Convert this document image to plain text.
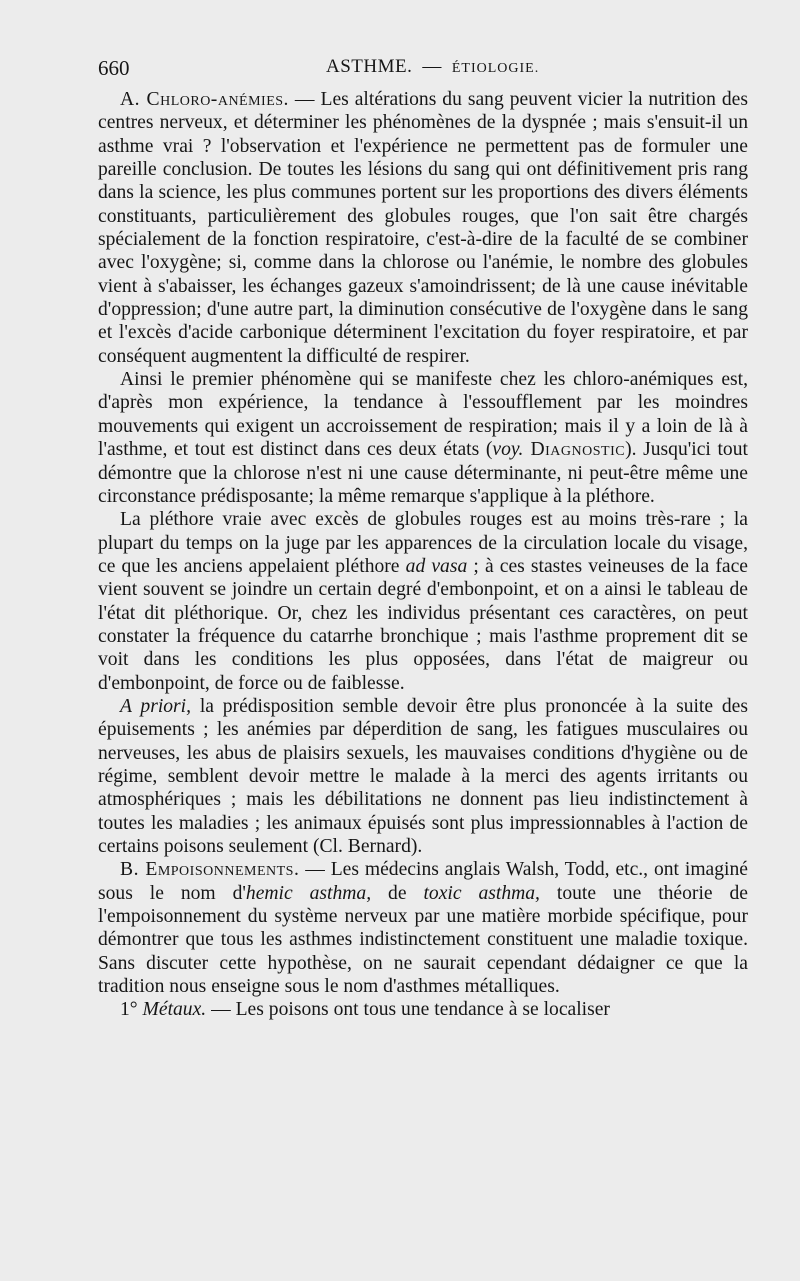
660	ASTHME. — ÉTIOLOGIE.

A. Chloro-anémies. — Les altérations du sang peuvent vicier la nutrition des centres nerveux, et déterminer les phénomènes de la dyspnée ; mais s'ensuit-il un asthme vrai ? l'observation et l'expérience ne permettent pas de formuler une pareille conclusion. De toutes les lésions du sang qui ont définitivement pris rang dans la science, les plus communes portent sur les proportions des divers éléments constituants, particulièrement des globules rouges, que l'on sait être chargés spécialement de la fonction respiratoire, c'est-à-dire de la faculté de se combiner avec l'oxygène; si, comme dans la chlorose ou l'anémie, le nombre des globules vient à s'abaisser, les échanges gazeux s'amoindrissent; de là une cause inévitable d'oppression; d'une autre part, la diminution consécutive de l'oxygène dans le sang et l'excès d'acide carbonique déterminent l'excitation du foyer respiratoire, et par conséquent augmentent la difficulté de respirer.

Ainsi le premier phénomène qui se manifeste chez les chloro-anémiques est, d'après mon expérience, la tendance à l'essoufflement par les moindres mouvements qui exigent un accroissement de respiration; mais il y a loin de là à l'asthme, et tout est distinct dans ces deux états (voy. Diagnostic). Jusqu'ici tout démontre que la chlorose n'est ni une cause déterminante, ni peut-être même une circonstance prédisposante; la même remarque s'applique à la pléthore.

La pléthore vraie avec excès de globules rouges est au moins très-rare ; la plupart du temps on la juge par les apparences de la circulation locale du visage, ce que les anciens appelaient pléthore ad vasa ; à ces stastes veineuses de la face vient souvent se joindre un certain degré d'embonpoint, et on a ainsi le tableau de l'état dit pléthorique. Or, chez les individus présentant ces caractères, on peut constater la fréquence du catarrhe bronchique ; mais l'asthme proprement dit se voit dans les conditions les plus opposées, dans l'état de maigreur ou d'embonpoint, de force ou de faiblesse.

A priori, la prédisposition semble devoir être plus prononcée à la suite des épuisements ; les anémies par déperdition de sang, les fatigues musculaires ou nerveuses, les abus de plaisirs sexuels, les mauvaises conditions d'hygiène ou de régime, semblent devoir mettre le malade à la merci des agents irritants ou atmosphériques ; mais les débilitations ne donnent pas lieu indistinctement à toutes les maladies ; les animaux épuisés sont plus impressionnables à l'action de certains poisons seulement (Cl. Bernard).

B. Empoisonnements. — Les médecins anglais Walsh, Todd, etc., ont imaginé sous le nom d'hemic asthma, de toxic asthma, toute une théorie de l'empoisonnement du système nerveux par une matière morbide spécifique, pour démontrer que tous les asthmes indistinctement constituent une maladie toxique. Sans discuter cette hypothèse, on ne saurait cependant dédaigner ce que la tradition nous enseigne sous le nom d'asthmes métalliques.

1° Métaux. — Les poisons ont tous une tendance à se localiser
